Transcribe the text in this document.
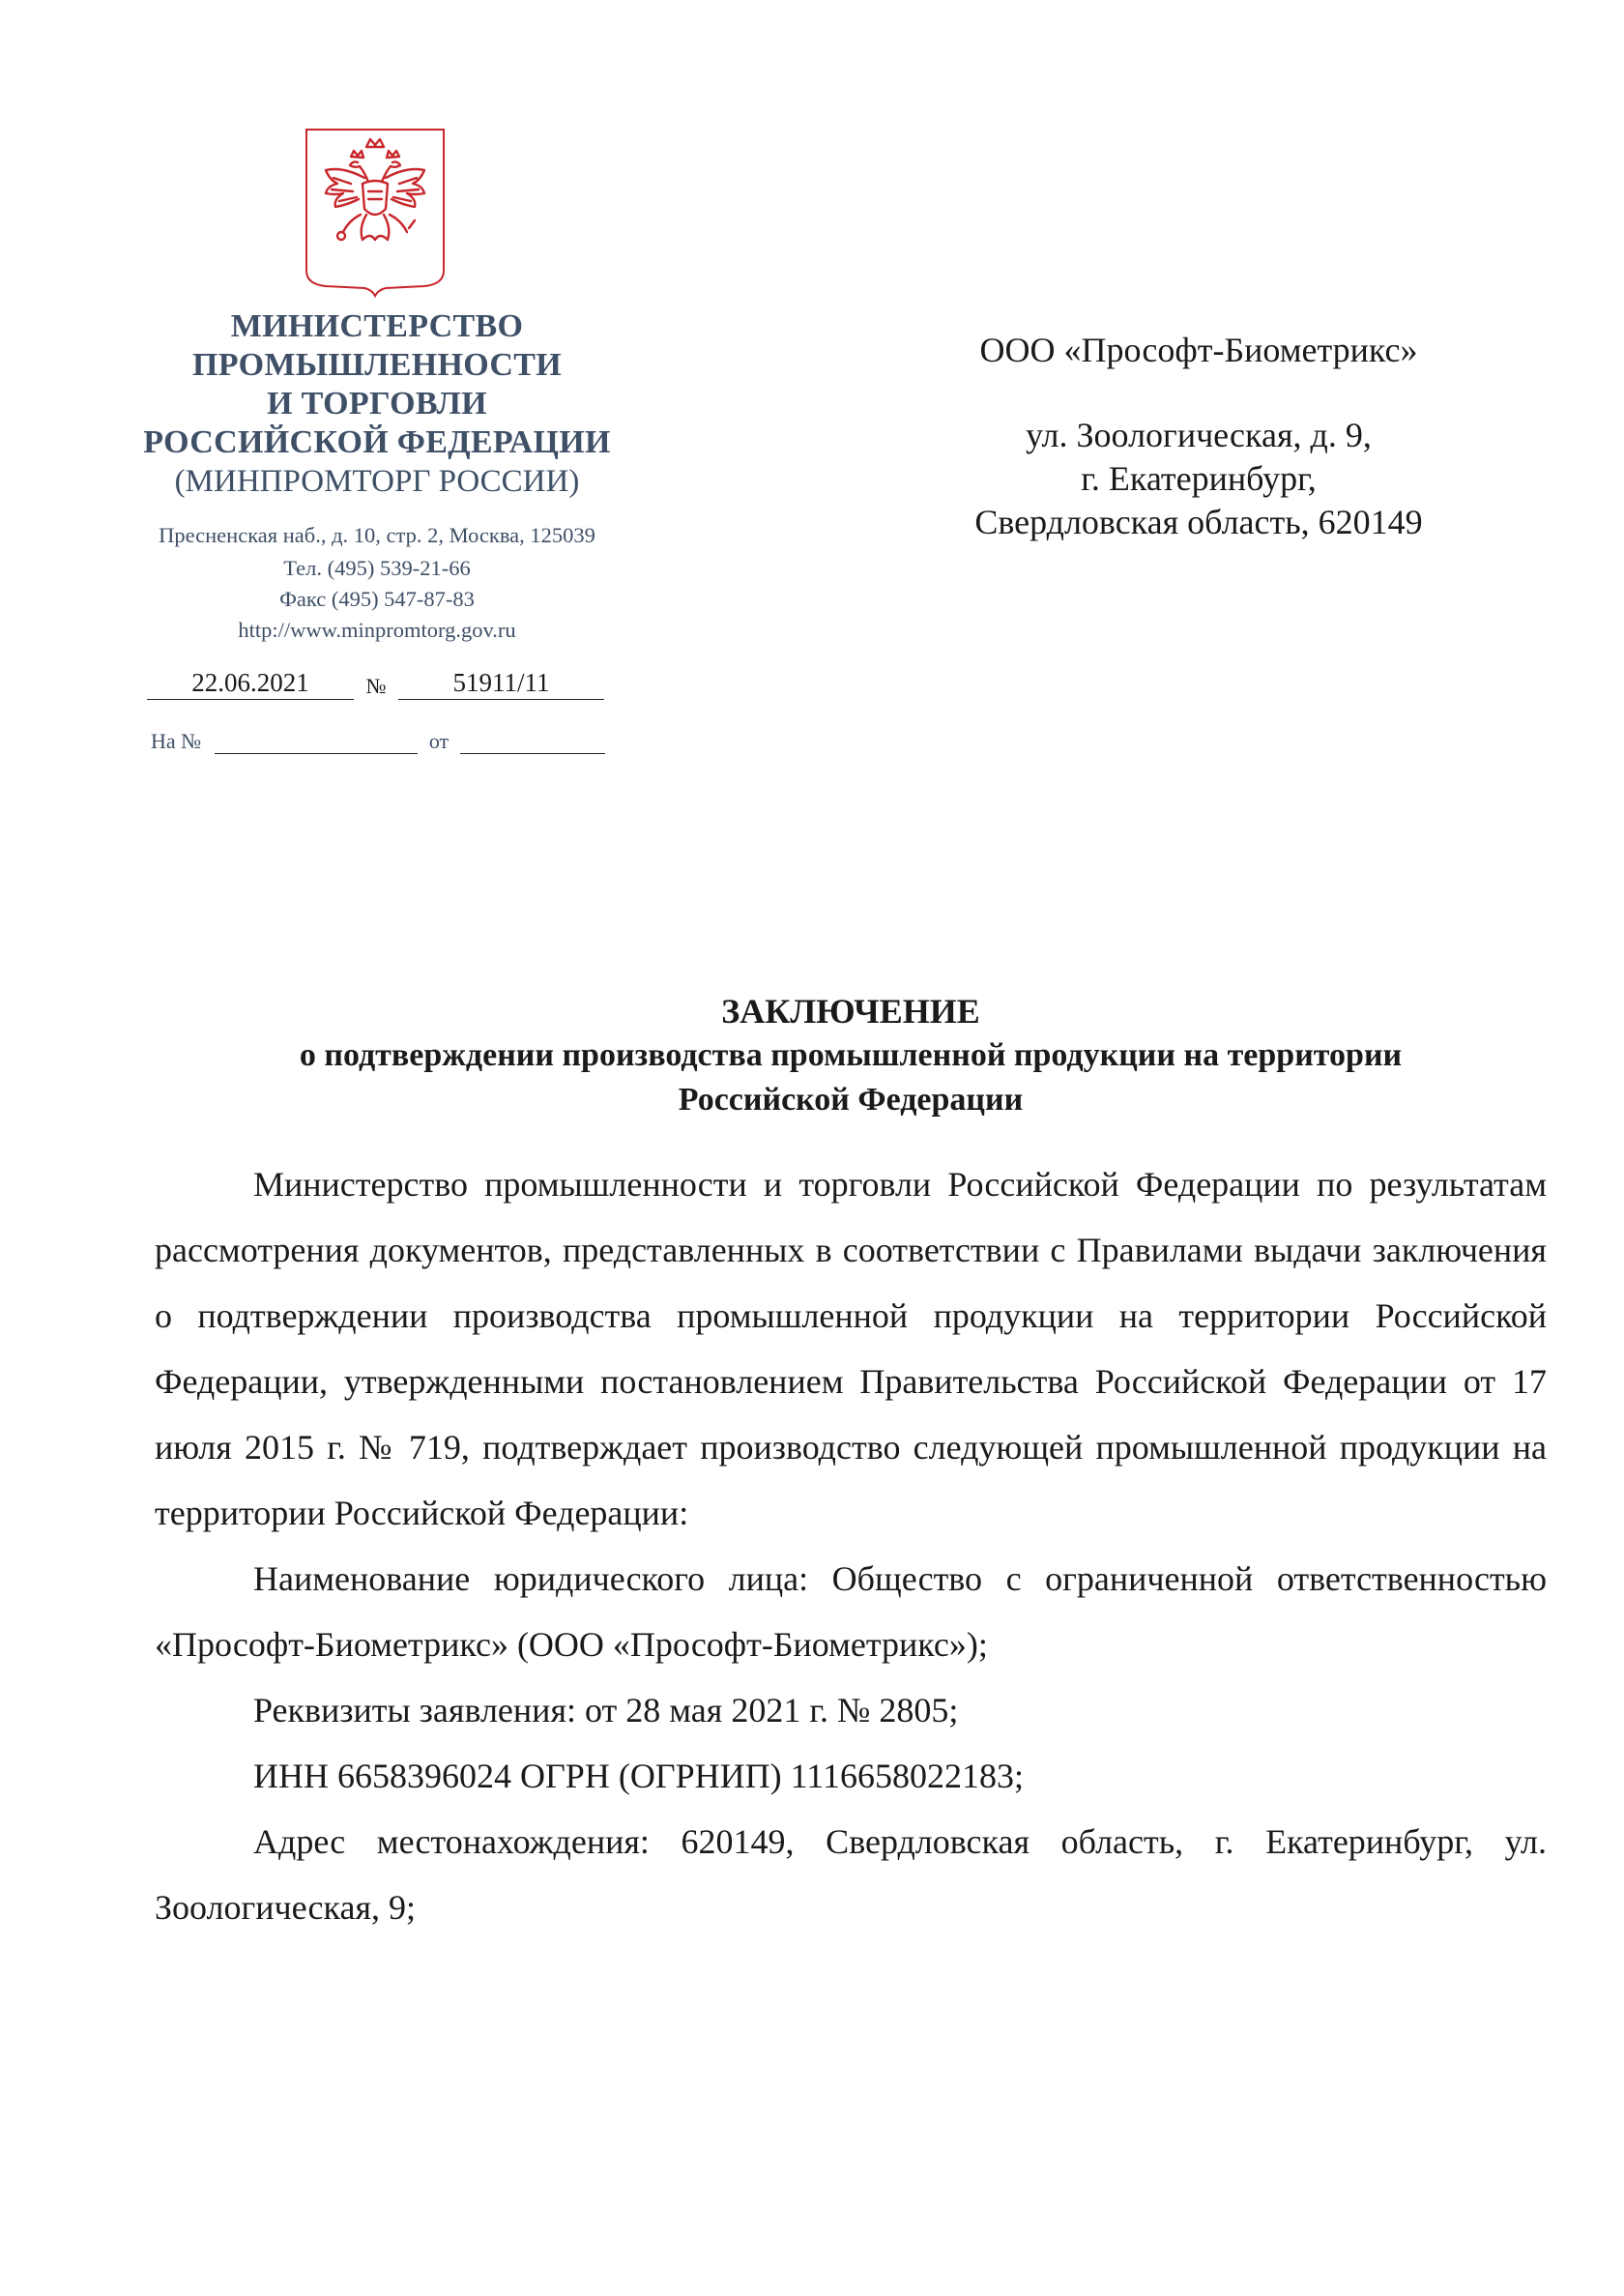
МИНИСТЕРСТВО
ПРОМЫШЛЕННОСТИ
И ТОРГОВЛИ
РОССИЙСКОЙ ФЕДЕРАЦИИ
(МИНПРОМТОРГ РОССИИ)
Пресненская наб., д. 10, стр. 2, Москва, 125039
Тел. (495) 539-21-66
Факс (495) 547-87-83
http://www.minpromtorg.gov.ru
22.06.2021	№	51911/11
На №	от
ООО «Прософт-Биометрикс»
ул. Зоологическая, д. 9,
г. Екатеринбург,
Свердловская область, 620149
ЗАКЛЮЧЕНИЕ
о подтверждении производства промышленной продукции на территории
Российской Федерации

Министерство промышленности и торговли Российской Федерации по результатам рассмотрения документов, представленных в соответствии с Правилами выдачи заключения о подтверждении производства промышленной продукции на территории Российской Федерации, утвержденными постановлением Правительства Российской Федерации от 17 июля 2015 г. № 719, подтверждает производство следующей промышленной продукции на территории Российской Федерации:

Наименование юридического лица: Общество с ограниченной ответственностью «Прософт-Биометрикс» (ООО «Прософт-Биометрикс»);

Реквизиты заявления: от 28 мая 2021 г. № 2805;

ИНН 6658396024 ОГРН (ОГРНИП) 1116658022183;

Адрес местонахождения: 620149, Свердловская область, г. Екатеринбург, ул. Зоологическая, 9;
